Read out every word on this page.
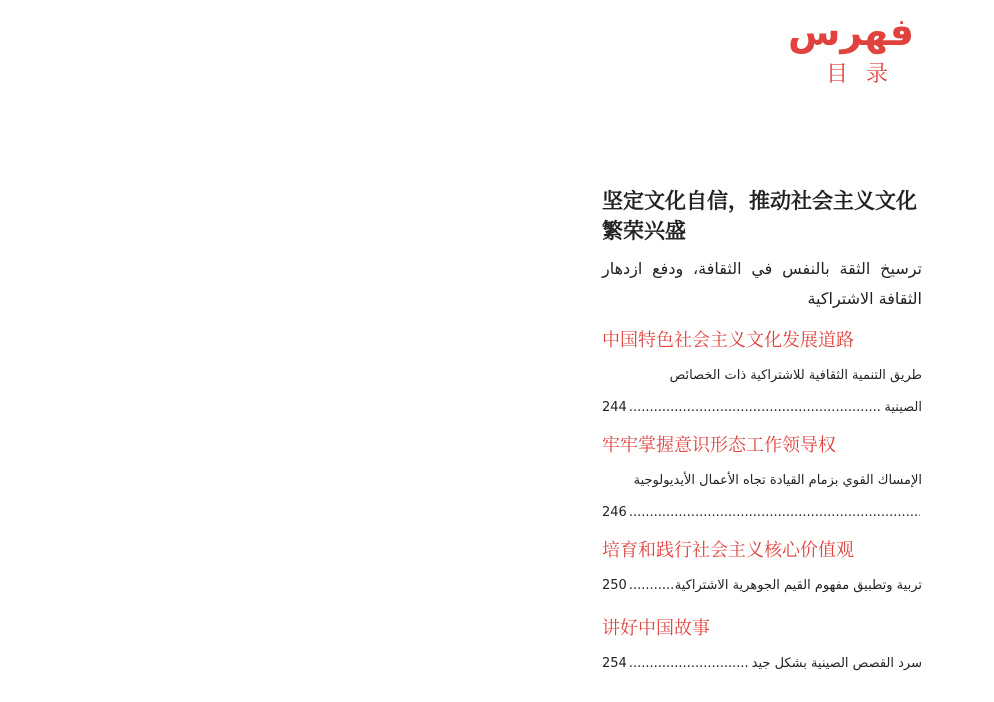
فهرس
目录
坚定文化自信，推动社会主义文化繁荣兴盛
ترسيخ الثقة بالنفس في الثقافة، ودفع ازدهار الثقافة الاشتراكية
中国特色社会主义文化发展道路
طريق التنمية الثقافية للاشتراكية ذات الخصائص
الصينية
.....
244
牢牢掌握意识形态工作领导权
الإمساك القوي بزمام القيادة تجاه الأعمال الأيديولوجية
.....
246
培育和践行社会主义核心价值观
تربية وتطبيق مفهوم القيم الجوهرية الاشتراكية
.....
250
讲好中国故事
سرد القصص الصينية بشكل جيد
.....
254
